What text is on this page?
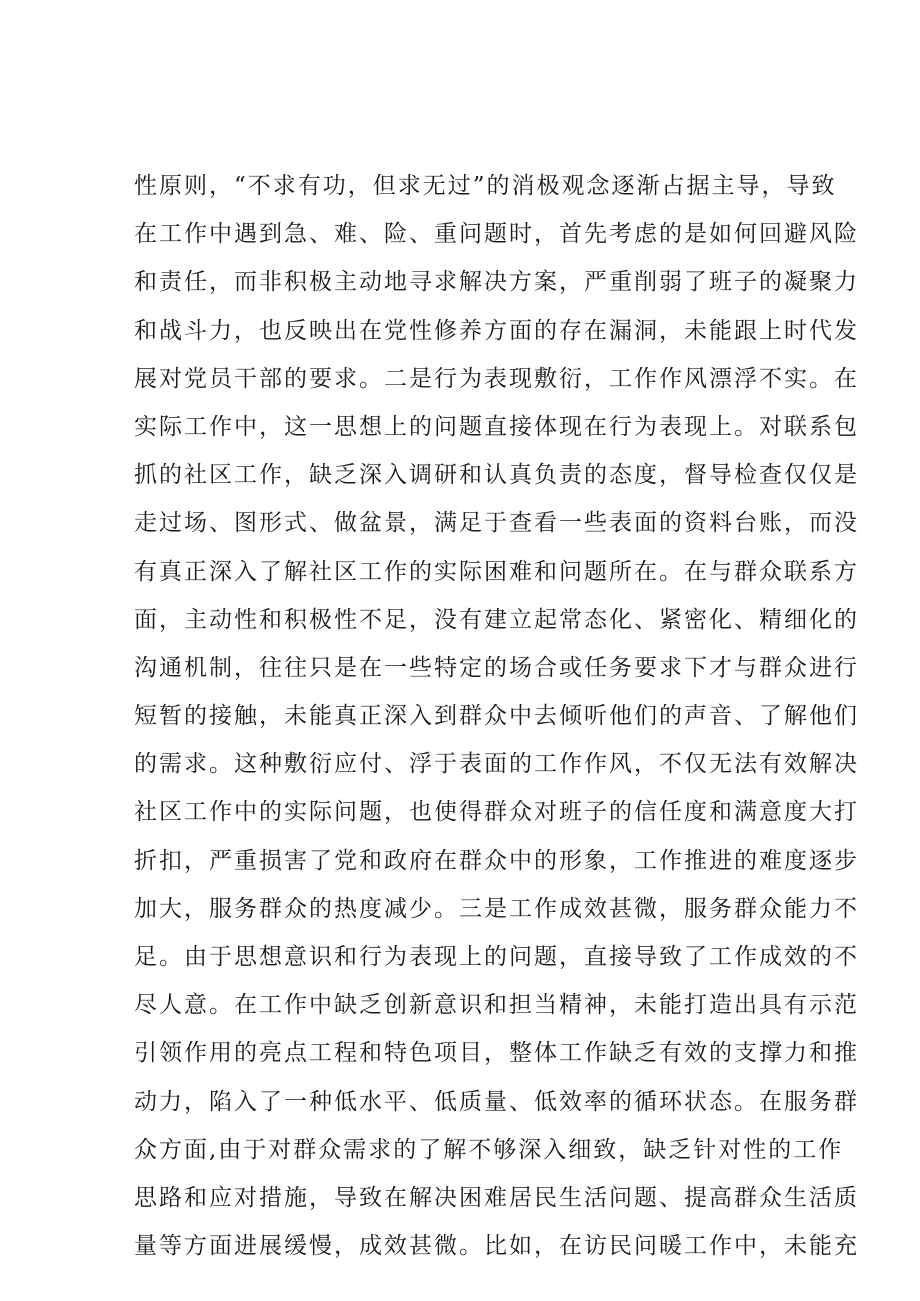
性原则，“不求有功，但求无过”的消极观念逐渐占据主导，导致
在工作中遇到急、难、险、重问题时，首先考虑的是如何回避风险
和责任，而非积极主动地寻求解决方案，严重削弱了班子的凝聚力
和战斗力，也反映出在党性修养方面的存在漏洞，未能跟上时代发
展对党员干部的要求。二是行为表现敷衍，工作作风漂浮不实。在
实际工作中，这一思想上的问题直接体现在行为表现上。对联系包
抓的社区工作，缺乏深入调研和认真负责的态度，督导检查仅仅是
走过场、图形式、做盆景，满足于查看一些表面的资料台账，而没
有真正深入了解社区工作的实际困难和问题所在。在与群众联系方
面，主动性和积极性不足，没有建立起常态化、紧密化、精细化的
沟通机制，往往只是在一些特定的场合或任务要求下才与群众进行
短暂的接触，未能真正深入到群众中去倾听他们的声音、了解他们
的需求。这种敷衍应付、浮于表面的工作作风，不仅无法有效解决
社区工作中的实际问题，也使得群众对班子的信任度和满意度大打
折扣，严重损害了党和政府在群众中的形象，工作推进的难度逐步
加大，服务群众的热度减少。三是工作成效甚微，服务群众能力不
足。由于思想意识和行为表现上的问题，直接导致了工作成效的不
尽人意。在工作中缺乏创新意识和担当精神，未能打造出具有示范
引领作用的亮点工程和特色项目，整体工作缺乏有效的支撑力和推
动力，陷入了一种低水平、低质量、低效率的循环状态。在服务群
众方面,由于对群众需求的了解不够深入细致，缺乏针对性的工作
思路和应对措施，导致在解决困难居民生活问题、提高群众生活质
量等方面进展缓慢，成效甚微。比如，在访民问暖工作中，未能充
